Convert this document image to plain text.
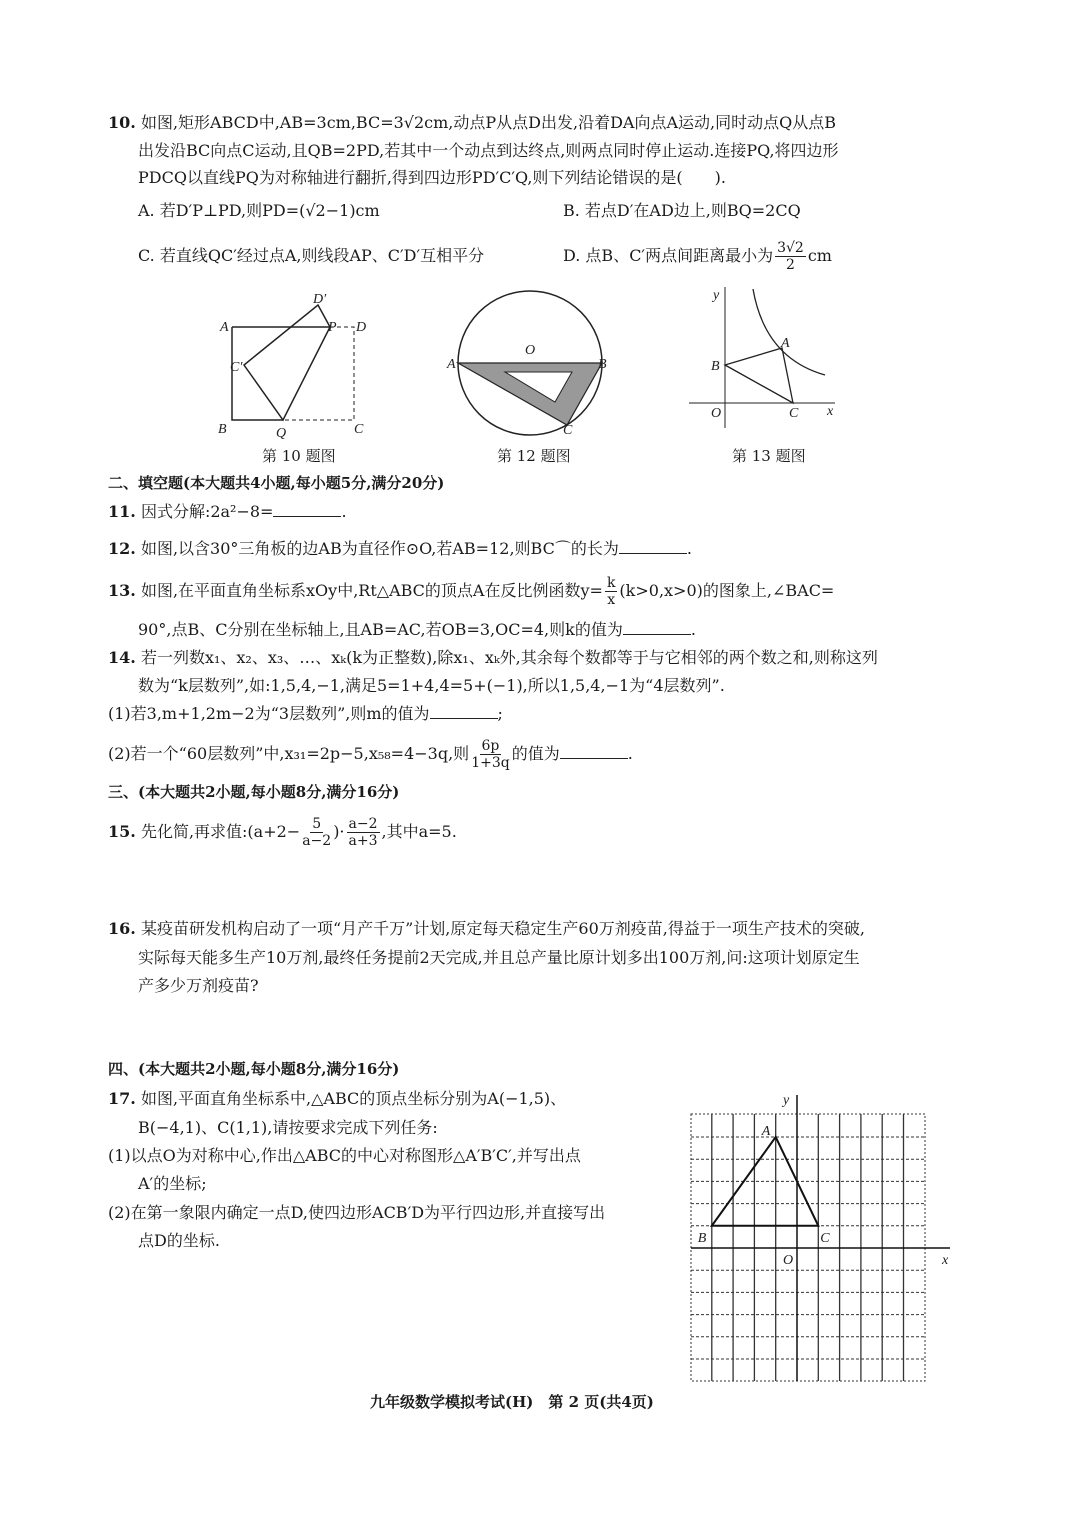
10. 如图,矩形ABCD中,AB=3cm,BC=3√2cm,动点P从点D出发,沿着DA向点A运动,同时动点Q从点B
出发沿BC向点C运动,且QB=2PD,若其中一个动点到达终点,则两点同时停止运动.连接PQ,将四边形
PDCQ以直线PQ为对称轴进行翻折,得到四边形PD′C′Q,则下列结论错误的是(　　).
A. 若D′P⊥PD,则PD=(√2−1)cm	B. 若点D′在AD边上,则BQ=2CQ
C. 若直线QC′经过点A,则线段AP、C′D′互相平分	D. 点B、C′两点间距离最小为 $\frac{3√2}{2}$ cm
A
D′
P D
C′
B	Q	C
第 10 题图
A
O
B
C
第 12 题图
y
A
B
O	C x
第 13 题图
二、填空题(本大题共4小题,每小题5分,满分20分)
11. 因式分解:2a²−8=	.
12. 如图,以含30°三角板的边AB为直径作⊙O,若AB=12,则BC⌒的长为	.
13. 如图,在平面直角坐标系xOy中,Rt△ABC的顶点A在反比例函数$y= \frac{k}{x} (k>0,x>0)$的图象上,∠BAC=
90°,点B、C分别在坐标轴上,且AB=AC,若OB=3,OC=4,则k的值为	.
14. 若一列数x₁、x₂、x₃、…、xₖ(k为正整数),除x₁、xₖ外,其余每个数都等于与它相邻的两个数之和,则称这列
数为“k层数列”,如:1,5,4,−1,满足5=1+4,4=5+(−1),所以1,5,4,−1为“4层数列”.
(1)若3,m+1,2m−2为“3层数列”,则m的值为	;
(2)若一个“60层数列”中,x₃₁=2p−5,x₅₈=4−3q,则 $\frac{6p}{1+3q}$ 的值为	.
三、(本大题共2小题,每小题8分,满分16分)
15. 先化简,再求值:(a+2− $\frac{5}{a-2}$ )· $\frac{a-2}{a+3}$ ,其中a=5.
16. 某疫苗研发机构启动了一项“月产千万”计划,原定每天稳定生产60万剂疫苗,得益于一项生产技术的突破,
实际每天能多生产10万剂,最终任务提前2天完成,并且总产量比原计划多出100万剂,问:这项计划原定生
产多少万剂疫苗?
四、(本大题共2小题,每小题8分,满分16分)
17. 如图,平面直角坐标系中,△ABC的顶点坐标分别为A(−1,5)、
B(−4,1)、C(1,1),请按要求完成下列任务:
(1)以点O为对称中心,作出△ABC的中心对称图形△A′B′C′,并写出点
A′的坐标;
(2)在第一象限内确定一点D,使四边形ACB′D为平行四边形,并直接写出
点D的坐标.
A
B	C
y
x
O
九年级数学模拟考试(H)　第 2 页(共4页)
